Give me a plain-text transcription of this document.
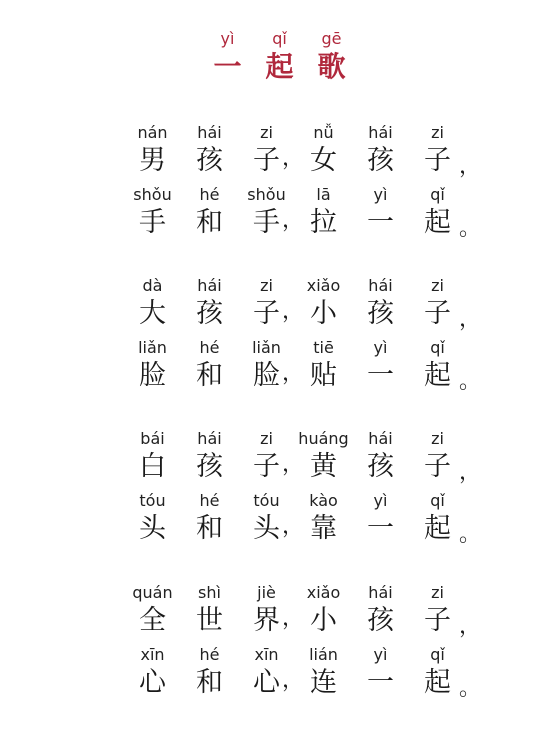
yì
一
qǐ
起
gē
歌
nán
男
hái
孩
zi
子 ，
nǚ
女
hái
孩
zi
子 ，
shǒu
手
hé
和
shǒu
手 ，
lā
拉
yì
一
qǐ
起 。
dà
大
hái
孩
zi
子 ，
xiǎo
小
hái
孩
zi
子 ，
liǎn
脸
hé
和
liǎn
脸 ，
tiē
贴
yì
一
qǐ
起 。
bái
白
hái
孩
zi
子 ，
huáng
黄
hái
孩
zi
子 ，
tóu
头
hé
和
tóu
头 ，
kào
靠
yì
一
qǐ
起 。
quán
全
shì
世
jiè
界 ，
xiǎo
小
hái
孩
zi
子 ，
xīn
心
hé
和
xīn
心 ，
lián
连
yì
一
qǐ
起 。
